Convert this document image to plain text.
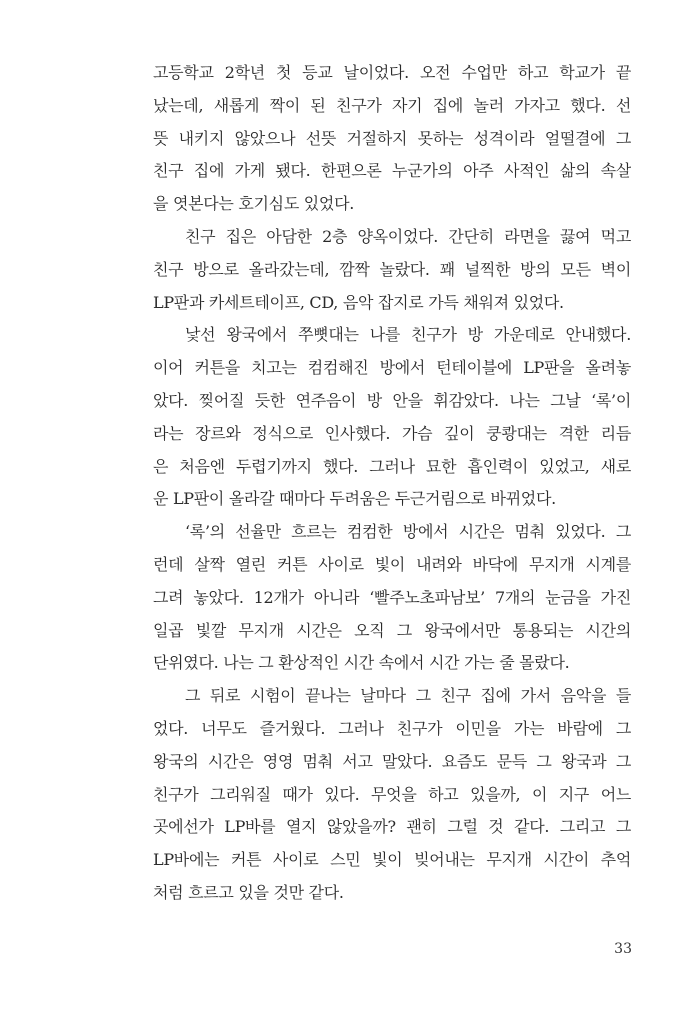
고등학교 2학년 첫 등교 날이었다. 오전 수업만 하고 학교가 끝
났는데, 새롭게 짝이 된 친구가 자기 집에 놀러 가자고 했다. 선
뜻 내키지 않았으나 선뜻 거절하지 못하는 성격이라 얼떨결에 그
친구 집에 가게 됐다. 한편으론 누군가의 아주 사적인 삶의 속살
을 엿본다는 호기심도 있었다.
친구 집은 아담한 2층 양옥이었다. 간단히 라면을 끓여 먹고
친구 방으로 올라갔는데, 깜짝 놀랐다. 꽤 널찍한 방의 모든 벽이
LP판과 카세트테이프, CD, 음악 잡지로 가득 채워져 있었다.
낯선 왕국에서 쭈뼛대는 나를 친구가 방 가운데로 안내했다.
이어 커튼을 치고는 컴컴해진 방에서 턴테이블에 LP판을 올려놓
았다. 찢어질 듯한 연주음이 방 안을 휘감았다. 나는 그날 ‘록’이
라는 장르와 정식으로 인사했다. 가슴 깊이 쿵쾅대는 격한 리듬
은 처음엔 두렵기까지 했다. 그러나 묘한 흡인력이 있었고, 새로
운 LP판이 올라갈 때마다 두려움은 두근거림으로 바뀌었다.
‘록’의 선율만 흐르는 컴컴한 방에서 시간은 멈춰 있었다. 그
런데 살짝 열린 커튼 사이로 빛이 내려와 바닥에 무지개 시계를
그려 놓았다. 12개가 아니라 ‘빨주노초파남보’ 7개의 눈금을 가진
일곱 빛깔 무지개 시간은 오직 그 왕국에서만 통용되는 시간의
단위였다. 나는 그 환상적인 시간 속에서 시간 가는 줄 몰랐다.
그 뒤로 시험이 끝나는 날마다 그 친구 집에 가서 음악을 들
었다. 너무도 즐거웠다. 그러나 친구가 이민을 가는 바람에 그
왕국의 시간은 영영 멈춰 서고 말았다. 요즘도 문득 그 왕국과 그
친구가 그리워질 때가 있다. 무엇을 하고 있을까, 이 지구 어느
곳에선가 LP바를 열지 않았을까? 괜히 그럴 것 같다. 그리고 그
LP바에는 커튼 사이로 스민 빛이 빚어내는 무지개 시간이 추억
처럼 흐르고 있을 것만 같다.
33
